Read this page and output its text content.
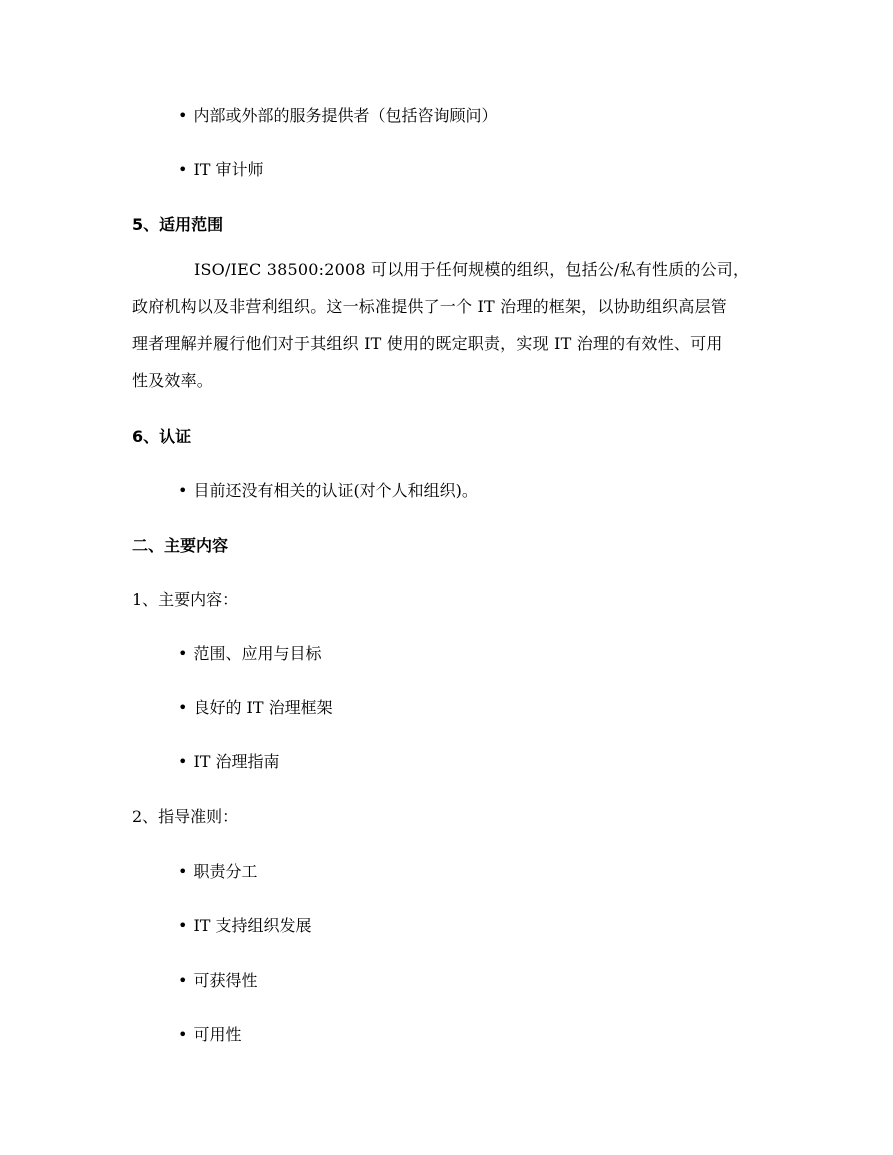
• 内部或外部的服务提供者（包括咨询顾问）
• IT 审计师
5、适用范围
ISO/IEC 38500:2008 可以用于任何规模的组织，包括公/私有性质的公司，
政府机构以及非营利组织。这一标准提供了一个 IT 治理的框架，以协助组织高层管
理者理解并履行他们对于其组织 IT 使用的既定职责，实现 IT 治理的有效性、可用
性及效率。
6、认证
• 目前还没有相关的认证(对个人和组织)。
二、主要内容
1、主要内容：
• 范围、应用与目标
• 良好的 IT 治理框架
• IT 治理指南
2、指导准则：
• 职责分工
• IT 支持组织发展
• 可获得性
• 可用性
